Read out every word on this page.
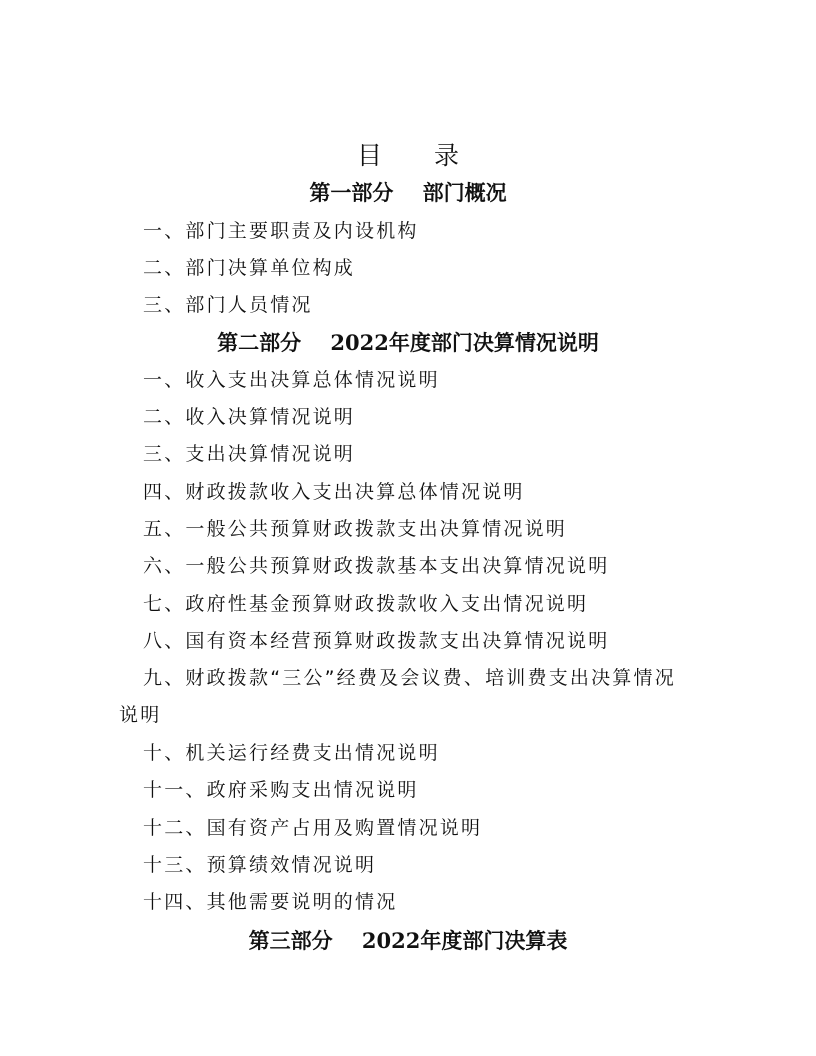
目 录
第一部分    部门概况
一、部门主要职责及内设机构
二、部门决算单位构成
三、部门人员情况
第二部分    2022年度部门决算情况说明
一、收入支出决算总体情况说明
二、收入决算情况说明
三、支出决算情况说明
四、财政拨款收入支出决算总体情况说明
五、一般公共预算财政拨款支出决算情况说明
六、一般公共预算财政拨款基本支出决算情况说明
七、政府性基金预算财政拨款收入支出情况说明
八、国有资本经营预算财政拨款支出决算情况说明
九、财政拨款“三公”经费及会议费、培训费支出决算情况
说明
十、机关运行经费支出情况说明
十一、政府采购支出情况说明
十二、国有资产占用及购置情况说明
十三、预算绩效情况说明
十四、其他需要说明的情况
第三部分    2022年度部门决算表
